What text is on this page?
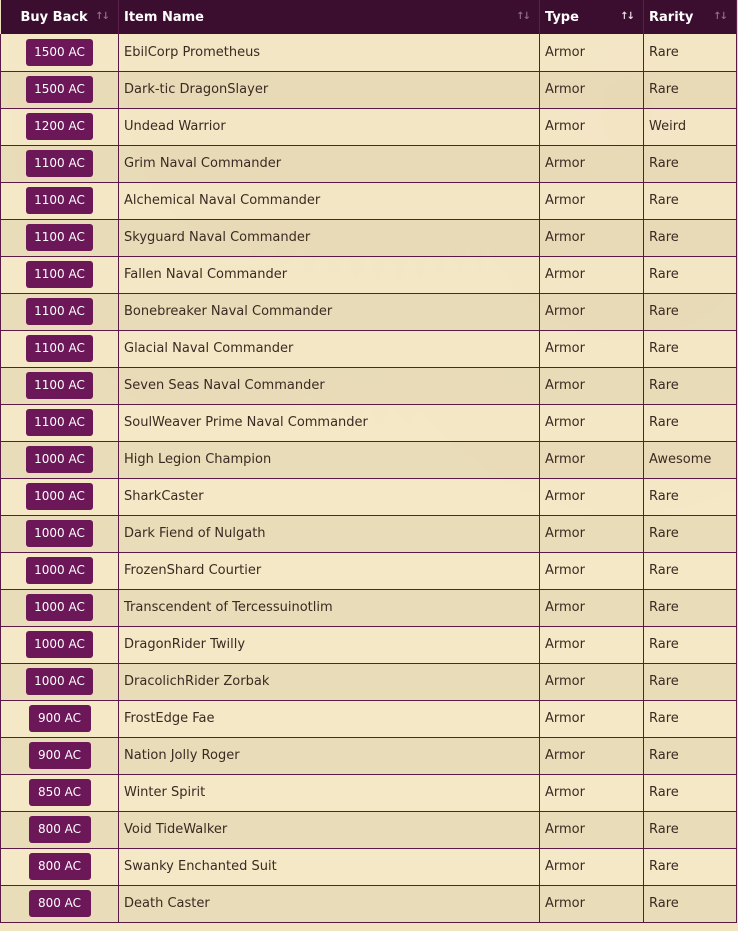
Buy Back ↑↓	Item Name ↑↓	Type ↑↓	Rarity ↑↓

1500 AC	EbilCorp Prometheus	Armor	Rare
1500 AC	Dark-tic DragonSlayer	Armor	Rare
1200 AC	Undead Warrior	Armor	Weird
1100 AC	Grim Naval Commander	Armor	Rare
1100 AC	Alchemical Naval Commander	Armor	Rare
1100 AC	Skyguard Naval Commander	Armor	Rare
1100 AC	Fallen Naval Commander	Armor	Rare
1100 AC	Bonebreaker Naval Commander	Armor	Rare
1100 AC	Glacial Naval Commander	Armor	Rare
1100 AC	Seven Seas Naval Commander	Armor	Rare
1100 AC	SoulWeaver Prime Naval Commander	Armor	Rare
1000 AC	High Legion Champion	Armor	Awesome
1000 AC	SharkCaster	Armor	Rare
1000 AC	Dark Fiend of Nulgath	Armor	Rare
1000 AC	FrozenShard Courtier	Armor	Rare
1000 AC	Transcendent of Tercessuinotlim	Armor	Rare
1000 AC	DragonRider Twilly	Armor	Rare
1000 AC	DracolichRider Zorbak	Armor	Rare
900 AC	FrostEdge Fae	Armor	Rare
900 AC	Nation Jolly Roger	Armor	Rare
850 AC	Winter Spirit	Armor	Rare
800 AC	Void TideWalker	Armor	Rare
800 AC	Swanky Enchanted Suit	Armor	Rare
800 AC	Death Caster	Armor	Rare
